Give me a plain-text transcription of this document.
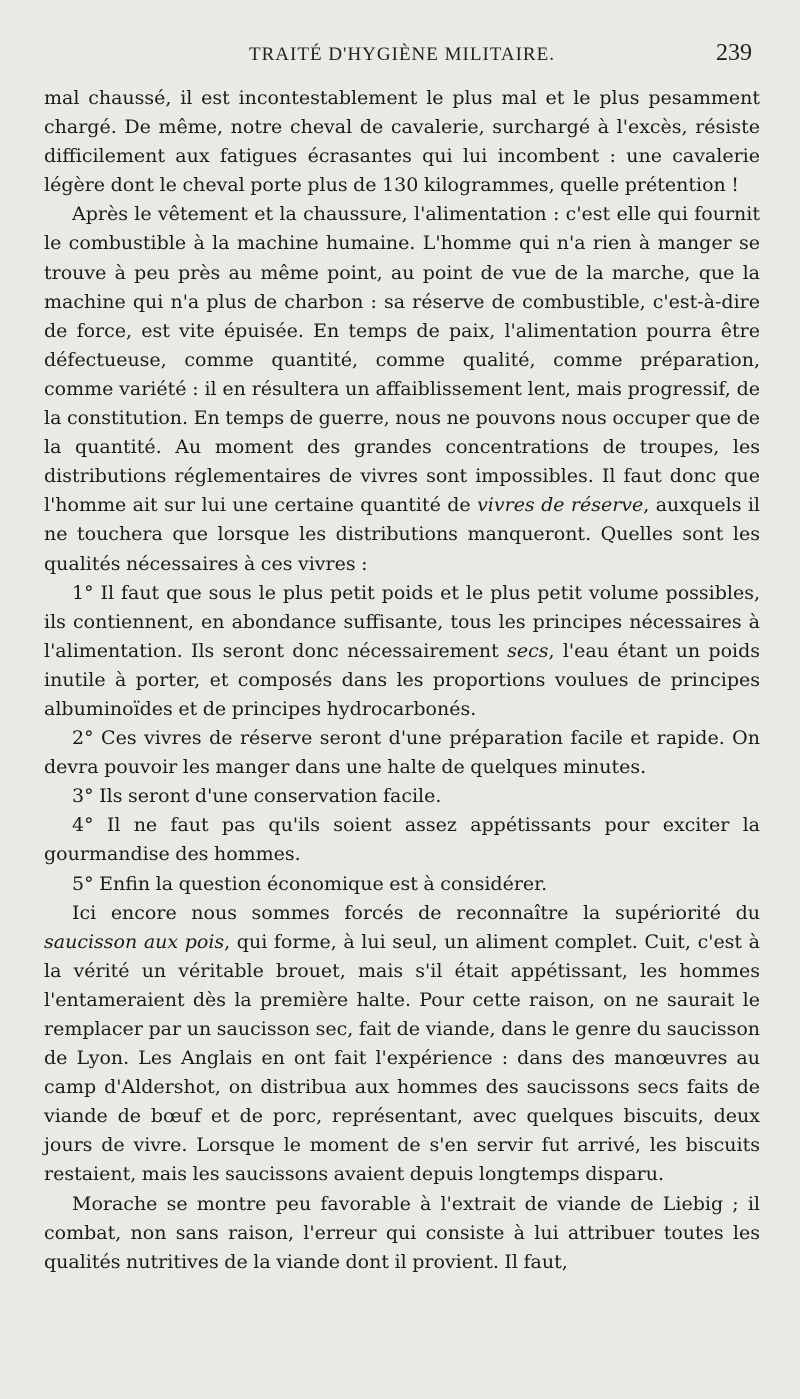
TRAITÉ D'HYGIÈNE MILITAIRE.	239

mal chaussé, il est incontestablement le plus mal et le plus pesamment chargé. De même, notre cheval de cavalerie, surchargé à l'excès, résiste difficilement aux fatigues écrasantes qui lui incombent : une cavalerie légère dont le cheval porte plus de 130 kilogrammes, quelle prétention !

Après le vêtement et la chaussure, l'alimentation : c'est elle qui fournit le combustible à la machine humaine. L'homme qui n'a rien à manger se trouve à peu près au même point, au point de vue de la marche, que la machine qui n'a plus de charbon : sa réserve de combustible, c'est-à-dire de force, est vite épuisée. En temps de paix, l'alimentation pourra être défectueuse, comme quantité, comme qualité, comme préparation, comme variété : il en résultera un affaiblissement lent, mais progressif, de la constitution. En temps de guerre, nous ne pouvons nous occuper que de la quantité. Au moment des grandes concentrations de troupes, les distributions réglementaires de vivres sont impossibles. Il faut donc que l'homme ait sur lui une certaine quantité de vivres de réserve, auxquels il ne touchera que lorsque les distributions manqueront. Quelles sont les qualités nécessaires à ces vivres :

1° Il faut que sous le plus petit poids et le plus petit volume possibles, ils contiennent, en abondance suffisante, tous les principes nécessaires à l'alimentation. Ils seront donc nécessairement secs, l'eau étant un poids inutile à porter, et composés dans les proportions voulues de principes albuminoïdes et de principes hydrocarbonés.

2° Ces vivres de réserve seront d'une préparation facile et rapide. On devra pouvoir les manger dans une halte de quelques minutes.

3° Ils seront d'une conservation facile.

4° Il ne faut pas qu'ils soient assez appétissants pour exciter la gourmandise des hommes.

5° Enfin la question économique est à considérer.

Ici encore nous sommes forcés de reconnaître la supériorité du saucisson aux pois, qui forme, à lui seul, un aliment complet. Cuit, c'est à la vérité un véritable brouet, mais s'il était appétissant, les hommes l'entameraient dès la première halte. Pour cette raison, on ne saurait le remplacer par un saucisson sec, fait de viande, dans le genre du saucisson de Lyon. Les Anglais en ont fait l'expérience : dans des manœuvres au camp d'Aldershot, on distribua aux hommes des saucissons secs faits de viande de bœuf et de porc, représentant, avec quelques biscuits, deux jours de vivre. Lorsque le moment de s'en servir fut arrivé, les biscuits restaient, mais les saucissons avaient depuis longtemps disparu.

Morache se montre peu favorable à l'extrait de viande de Liebig ; il combat, non sans raison, l'erreur qui consiste à lui attribuer toutes les qualités nutritives de la viande dont il provient. Il faut,
